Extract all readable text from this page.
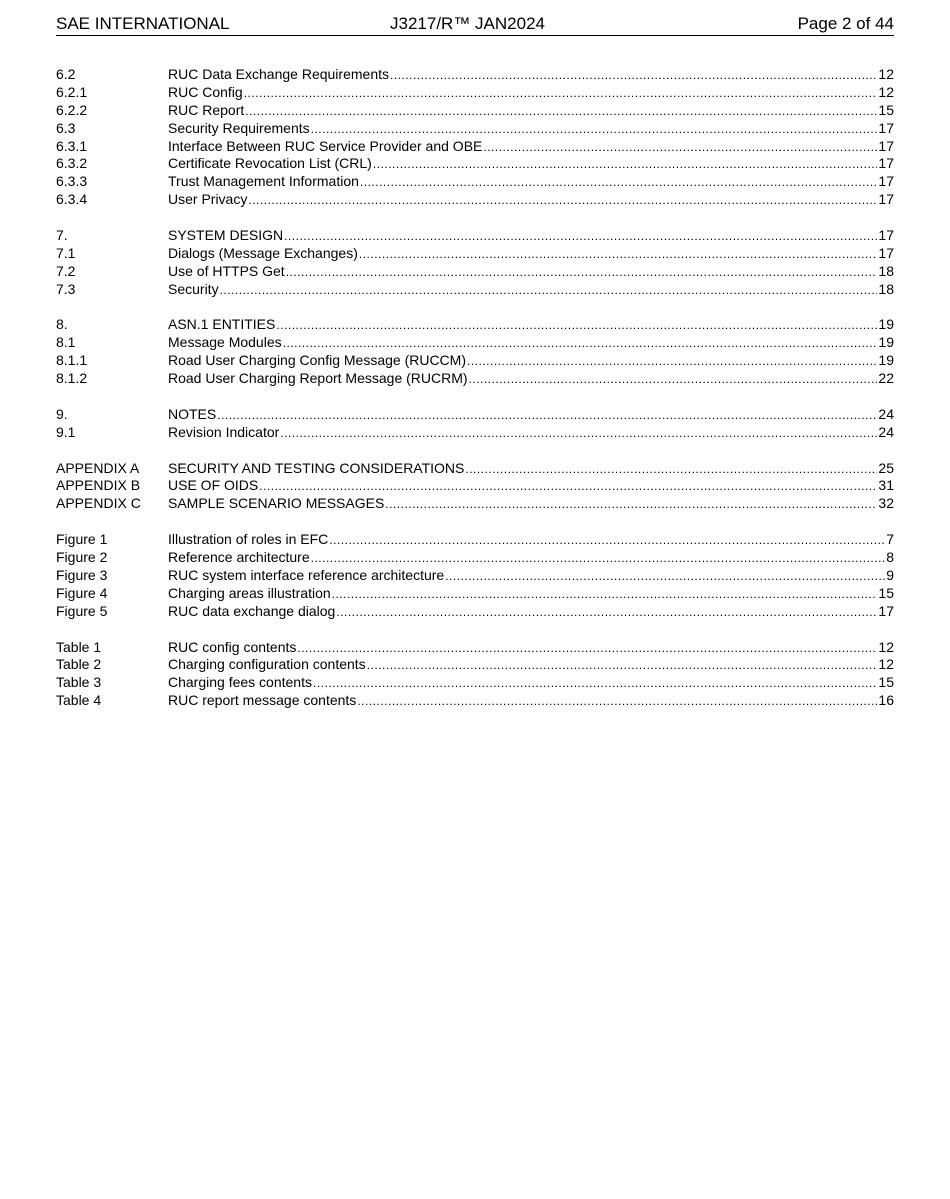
SAE INTERNATIONAL	J3217/R™ JAN2024	Page 2 of 44
6.2	RUC Data Exchange Requirements .....	12
6.2.1	RUC Config .....	12
6.2.2	RUC Report .....	15
6.3	Security Requirements .....	17
6.3.1	Interface Between RUC Service Provider and OBE .....	17
6.3.2	Certificate Revocation List (CRL) .....	17
6.3.3	Trust Management Information .....	17
6.3.4	User Privacy .....	17
7.	SYSTEM DESIGN .....	17
7.1	Dialogs (Message Exchanges) .....	17
7.2	Use of HTTPS Get .....	18
7.3	Security .....	18
8.	ASN.1 ENTITIES .....	19
8.1	Message Modules .....	19
8.1.1	Road User Charging Config Message (RUCCM) .....	19
8.1.2	Road User Charging Report Message (RUCRM) .....	22
9.	NOTES .....	24
9.1	Revision Indicator .....	24
APPENDIX A	SECURITY AND TESTING CONSIDERATIONS .....	25
APPENDIX B	USE OF OIDS .....	31
APPENDIX C	SAMPLE SCENARIO MESSAGES .....	32
Figure 1	Illustration of roles in EFC .....	7
Figure 2	Reference architecture .....	8
Figure 3	RUC system interface reference architecture .....	9
Figure 4	Charging areas illustration .....	15
Figure 5	RUC data exchange dialog .....	17
Table 1	RUC config contents .....	12
Table 2	Charging configuration contents .....	12
Table 3	Charging fees contents .....	15
Table 4	RUC report message contents .....	16
